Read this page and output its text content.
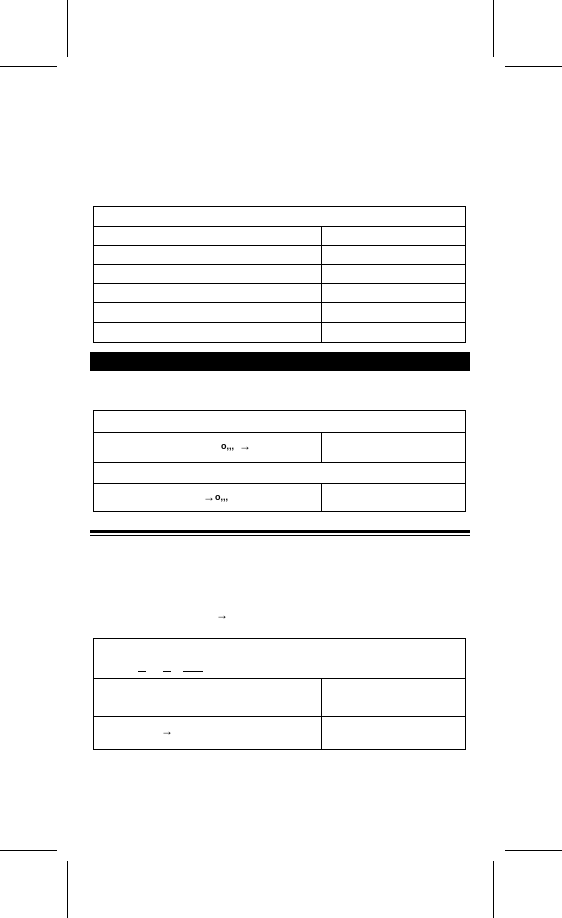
o,,, →
→ o,,,
→
→
